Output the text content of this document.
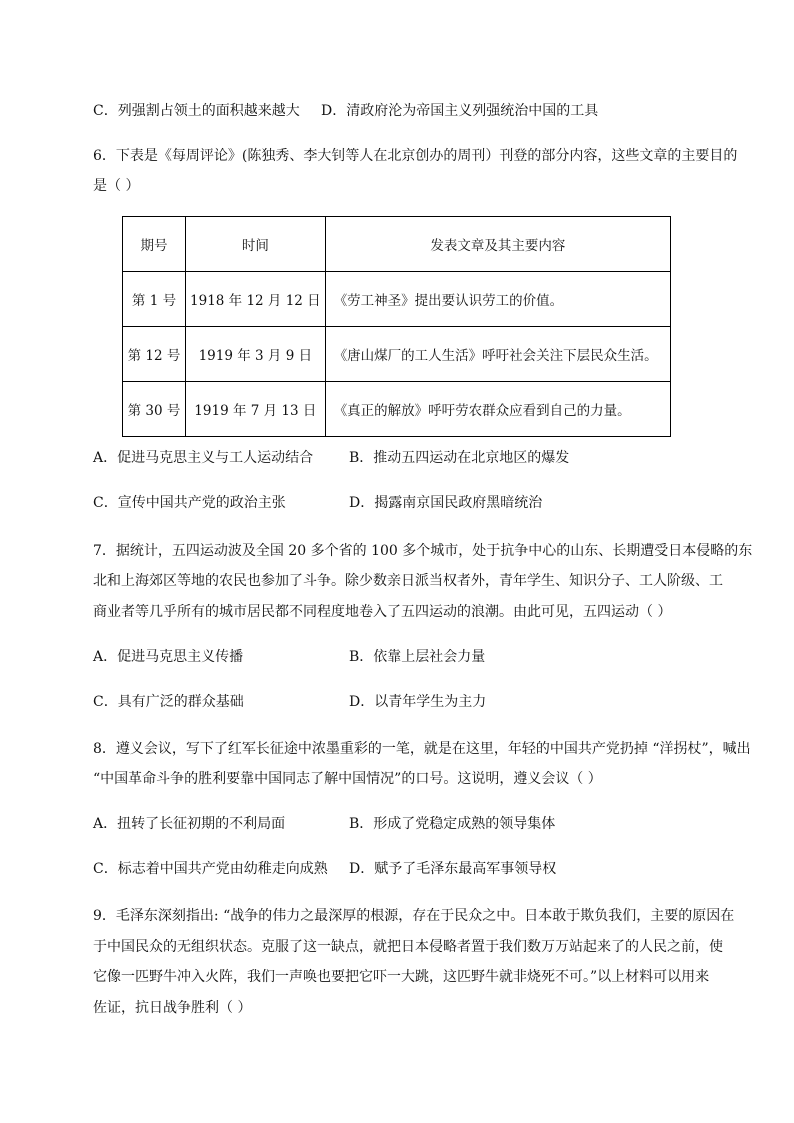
C．列强割占领土的面积越来越大 D．清政府沦为帝国主义列强统治中国的工具
6．下表是《每周评论》(陈独秀、李大钊等人在北京创办的周刊）刊登的部分内容，这些文章的主要目的
是（ ）
期号	时间	发表文章及其主要内容
第 1 号	1918 年 12 月 12 日	《劳工神圣》提出要认识劳工的价值。
第 12 号	1919 年 3 月 9 日	《唐山煤厂的工人生活》呼吁社会关注下层民众生活。
第 30 号	1919 年 7 月 13 日	《真正的解放》呼吁劳农群众应看到自己的力量。
A．促进马克思主义与工人运动结合	B．推动五四运动在北京地区的爆发
C．宣传中国共产党的政治主张	D．揭露南京国民政府黑暗统治
7．据统计，五四运动波及全国 20 多个省的 100 多个城市，处于抗争中心的山东、长期遭受日本侵略的东
北和上海郊区等地的农民也参加了斗争。除少数亲日派当权者外，青年学生、知识分子、工人阶级、工
商业者等几乎所有的城市居民都不同程度地卷入了五四运动的浪潮。由此可见，五四运动（ ）
A．促进马克思主义传播	B．依靠上层社会力量
C．具有广泛的群众基础	D．以青年学生为主力
8．遵义会议，写下了红军长征途中浓墨重彩的一笔，就是在这里，年轻的中国共产党扔掉 “洋拐杖”，喊出
“中国革命斗争的胜利要靠中国同志了解中国情况”的口号。这说明，遵义会议（ ）
A．扭转了长征初期的不利局面	B．形成了党稳定成熟的领导集体
C．标志着中国共产党由幼稚走向成熟 D．赋予了毛泽东最高军事领导权
9．毛泽东深刻指出: “战争的伟力之最深厚的根源，存在于民众之中。日本敢于欺负我们，主要的原因在
于中国民众的无组织状态。克服了这一缺点，就把日本侵略者置于我们数万万站起来了的人民之前，使
它像一匹野牛冲入火阵，我们一声唤也要把它吓一大跳，这匹野牛就非烧死不可。”以上材料可以用来
佐证，抗日战争胜利（ ）
